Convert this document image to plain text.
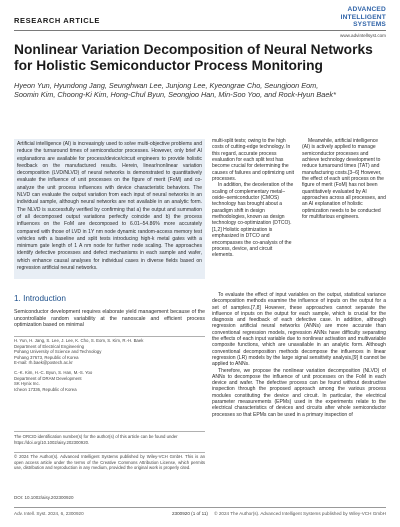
RESEARCH ARTICLE
ADVANCED
INTELLIGENT
SYSTEMS
www.advintellsyst.com
Nonlinear Variation Decomposition of Neural Networks for Holistic Semiconductor Process Monitoring
Hyeon Yun, Hyundong Jang, Seunghwan Lee, Junjong Lee, Kyeongrae Cho, Seungjoon Eom, Soomin Kim, Choong-Ki Kim, Hong-Chul Byun, Seongjoo Han, Min-Soo Yoo, and Rock-Hyun Baek*
Artificial intelligence (AI) is increasingly used to solve multi-objective problems and reduce the turnaround times of semiconductor processes. However, only brief AI explanations are available for process/device/circuit engineers to provide holistic feedback on the manufactured results. Herein, linear/nonlinear variation decomposition (LVD/NLVD) of neural networks is demonstrated to quantitatively evaluate the influence of unit processes on the figure of merit (FoM) and co-analyze the unit process influences with device characteristic behaviors. The NLVD can evaluate the output variation from each input of neural networks in an individual sample, although neural networks are not available in an analytic form. The NLVD is successfully verified by confirming that a) the output and summation of all decomposed output variations perfectly coincide and b) the process influences on the FoM are decomposed to 6.01–54.86% more accurately compared with those of LVD in 1Y nm node dynamic random-access memory test vehicles with a baseline and split tests introducing high-k metal gates with a minimum gate length of 1 A nm node for further node scaling. The approaches identify defective processes and defect mechanisms in each sample and wafer, which enhance causal analyses for individual cases in diverse fields based on regression artificial neural networks.
1. Introduction
Semiconductor development requires elaborate yield management because of the uncontrollable random variability at the nanoscale and efficient process optimization based on minimal
H. Yun, H. Jang, S. Lee, J. Lee, K. Cho, S. Eom, S. Kim, R.-H. Baek
Department of Electrical Engineering
Pohang University of Science and Technology
Pohang 37673, Republic of Korea
E-mail: rh.baek@postech.ac.kr
C.-K. Kim, H.-C. Byun, S. Han, M.-S. Yoo
Department of DRAM Development
SK Hynix Inc.
Icheon 17336, Republic of Korea
The ORCID identification number(s) for the author(s) of this article can be found under https://doi.org/10.1002/aisy.202300920.
© 2024 The Author(s). Advanced Intelligent Systems published by Wiley-VCH GmbH. This is an open access article under the terms of the Creative Commons Attribution License, which permits use, distribution and reproduction in any medium, provided the original work is properly cited.
DOI: 10.1002/aisy.202300920

multi-split tests; owing to the high costs of cutting-edge technology. In this regard, accurate process evaluation for each split test has become crucial for determining the causes of failures and optimizing unit processes.

In addition, the deceleration of the scaling of complementary metal–oxide–semiconductor (CMOS) technology has brought about a paradigm shift in design methodologies, known as design technology co-optimization (DTCO).[1,2] Holistic optimization is emphasized in DTCO and encompasses the co-analysis of the process, device, and circuit elements.

Meanwhile, artificial intelligence (AI) is actively applied to manage semiconductor processes and achieve technology development to reduce turnaround times (TAT) and manufacturing costs.[3–6] However, the effect of each unit process on the figure of merit (FoM) has not been quantitatively evaluated by AI approaches across all processes, and an AI explanation of holistic optimization needs to be conducted for multifarious engineers.

To evaluate the effect of input variables on the output, statistical variance decomposition methods examine the influence of inputs on the output for a set of samples.[7,8] However, these approaches cannot separate the influence of inputs on the output for each sample, which is crucial for the diagnosis and feedback of each defective case. In addition, although regression artificial neural networks (ANNs) are more accurate than conventional regression models, regression ANNs have difficulty separating the effects of each input variable due to nonlinear activation and multivariable composite functions, which are unavailable in an analytic form. Although conventional decomposition methods decompose the influences in linear regression (LR) models by the large signal sensitivity analysis,[9] it cannot be applied to ANNs.

Therefore, we propose the nonlinear variation decomposition (NLVD) of ANNs to decompose the influence of unit processes on the FoM in each device and wafer. The defective process can be found without destructive inspection through the proposed approach among the various process modules constituting the device and circuit. In particular, the electrical parameter measurements (EPMs) used in the experiments relate to the electrical characteristics of devices and circuits after whole semiconductor processes so that EPMs can be used in a primary inspection of

Adv. Intell. Syst. 2024, 6, 2300920	2300920 (1 of 11) © 2024 The Author(s). Advanced Intelligent Systems published by Wiley-VCH GmbH
